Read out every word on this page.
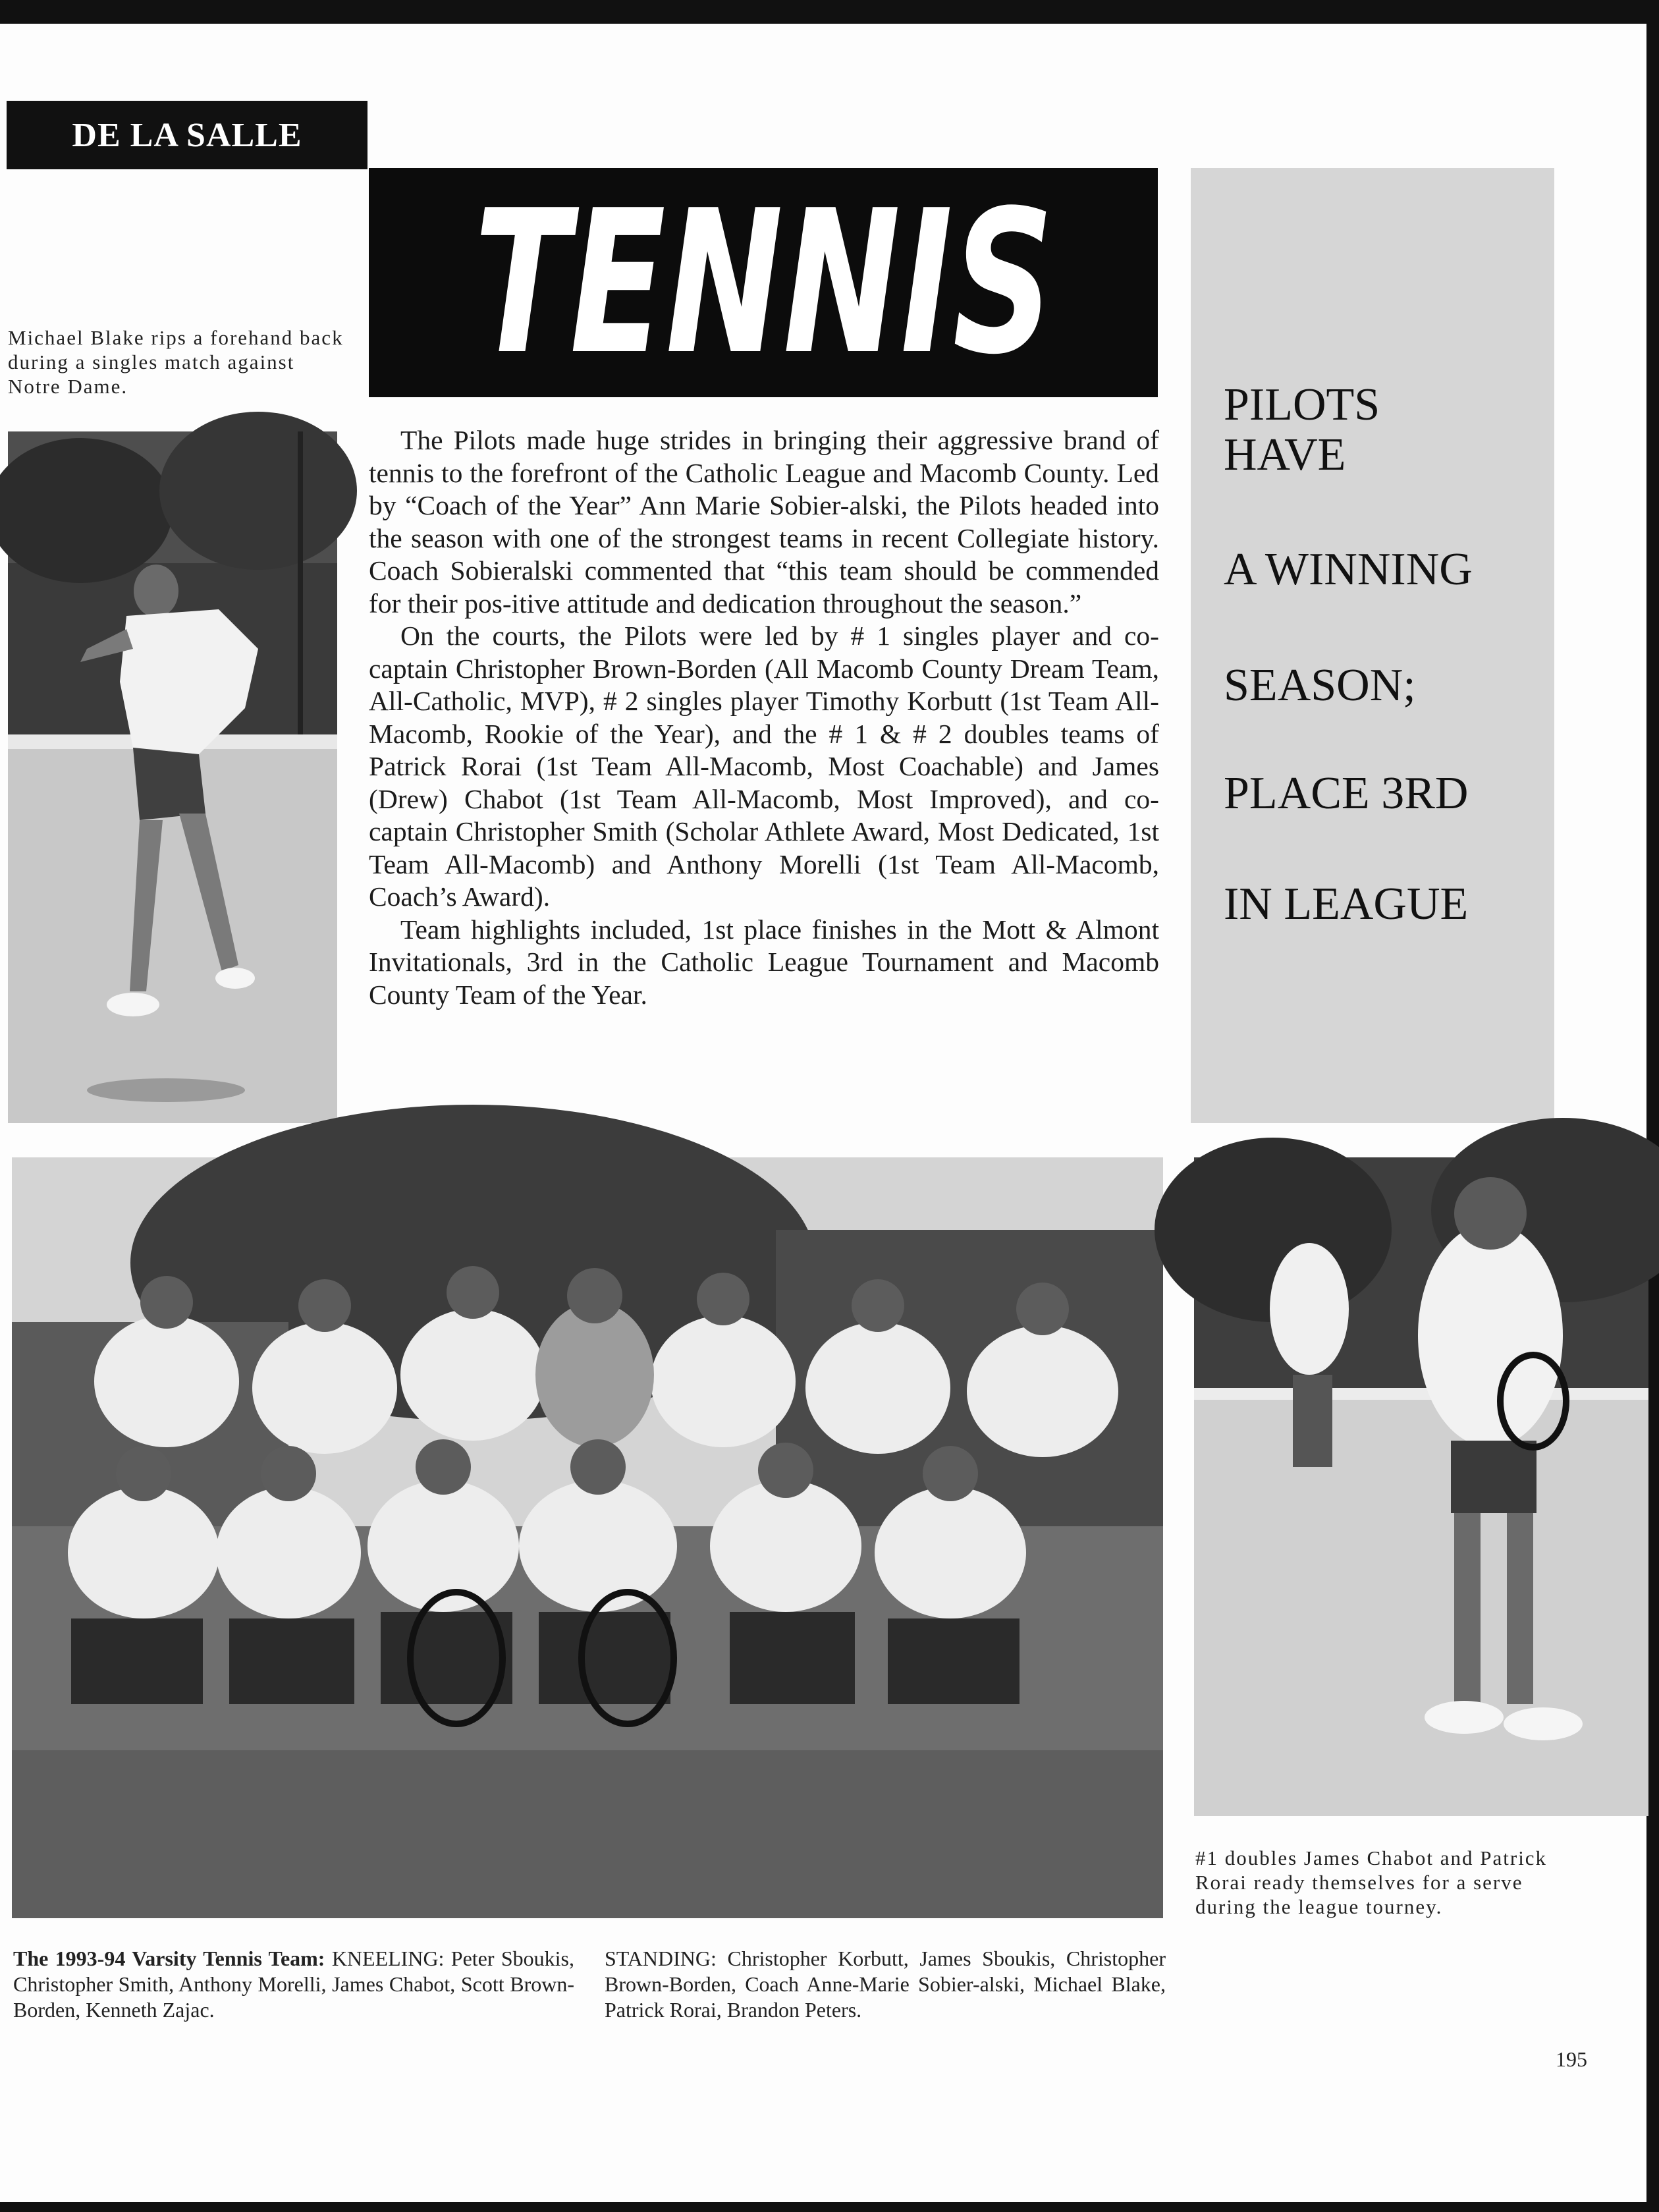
DE LA SALLE
TENNIS
Michael Blake rips a forehand back during a singles match against Notre Dame.

The Pilots made huge strides in bringing their aggressive brand of tennis to the forefront of the Catholic League and Macomb County. Led by “Coach of the Year” Ann Marie Sobier-alski, the Pilots headed into the season with one of the strongest teams in recent Collegiate history. Coach Sobieralski commented that “this team should be commended for their pos-itive attitude and dedication throughout the season.”

On the courts, the Pilots were led by # 1 singles player and co-captain Christopher Brown-Borden (All Macomb County Dream Team, All-Catholic, MVP), # 2 singles player Timothy Korbutt (1st Team All-Macomb, Rookie of the Year), and the # 1 & # 2 doubles teams of Patrick Rorai (1st Team All-Macomb, Most Coachable) and James (Drew) Chabot (1st Team All-Macomb, Most Improved), and co-captain Christopher Smith (Scholar Athlete Award, Most Dedicated, 1st Team All-Macomb) and Anthony Morelli (1st Team All-Macomb, Coach’s Award).

Team highlights included, 1st place finishes in the Mott & Almont Invitationals, 3rd in the Catholic League Tournament and Macomb County Team of the Year.

PILOTS
HAVE
A WINNING
SEASON;
PLACE 3RD
IN LEAGUE
#1 doubles James Chabot and Patrick Rorai ready themselves for a serve during the league tourney.
The 1993-94 Varsity Tennis Team: KNEELING: Peter Sboukis, Christopher Smith, Anthony Morelli, James Chabot, Scott Brown-Borden, Kenneth Zajac.
STANDING: Christopher Korbutt, James Sboukis, Christopher Brown-Borden, Coach Anne-Marie Sobier-alski, Michael Blake, Patrick Rorai, Brandon Peters.
195
